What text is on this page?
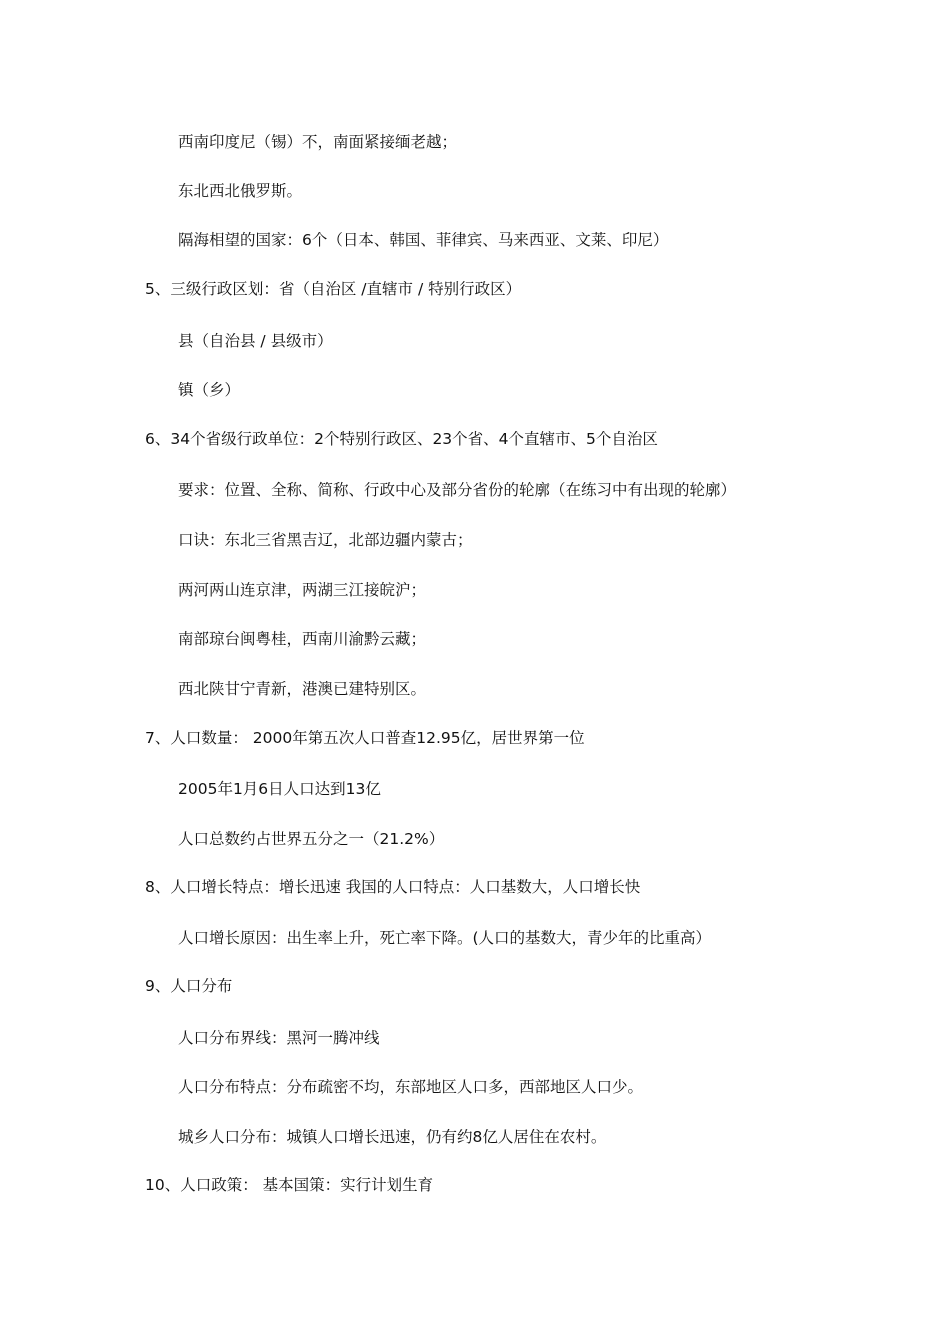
西南印度尼（锡）不，南面紧接缅老越；
东北西北俄罗斯。
隔海相望的国家：6个（日本、韩国、菲律宾、马来西亚、文莱、印尼）
5、三级行政区划：省（自治区 /直辖市 / 特别行政区）
县（自治县 / 县级市）
镇（乡）
6、34个省级行政单位：2个特别行政区、23个省、4个直辖市、5个自治区
要求：位置、全称、简称、行政中心及部分省份的轮廓（在练习中有出现的轮廓）
口诀：东北三省黑吉辽，北部边疆内蒙古；
两河两山连京津，两湖三江接皖沪；
南部琼台闽粤桂，西南川渝黔云藏；
西北陕甘宁青新，港澳已建特别区。
7、人口数量： 2000年第五次人口普查12.95亿，居世界第一位
2005年1月6日人口达到13亿
人口总数约占世界五分之一（21.2%）
8、人口增长特点：增长迅速 我国的人口特点：人口基数大，人口增长快
人口增长原因：出生率上升，死亡率下降。(人口的基数大，青少年的比重高）
9、人口分布
人口分布界线：黑河一腾冲线
人口分布特点：分布疏密不均，东部地区人口多，西部地区人口少。
城乡人口分布：城镇人口增长迅速，仍有约8亿人居住在农村。
10、人口政策： 基本国策：实行计划生育
